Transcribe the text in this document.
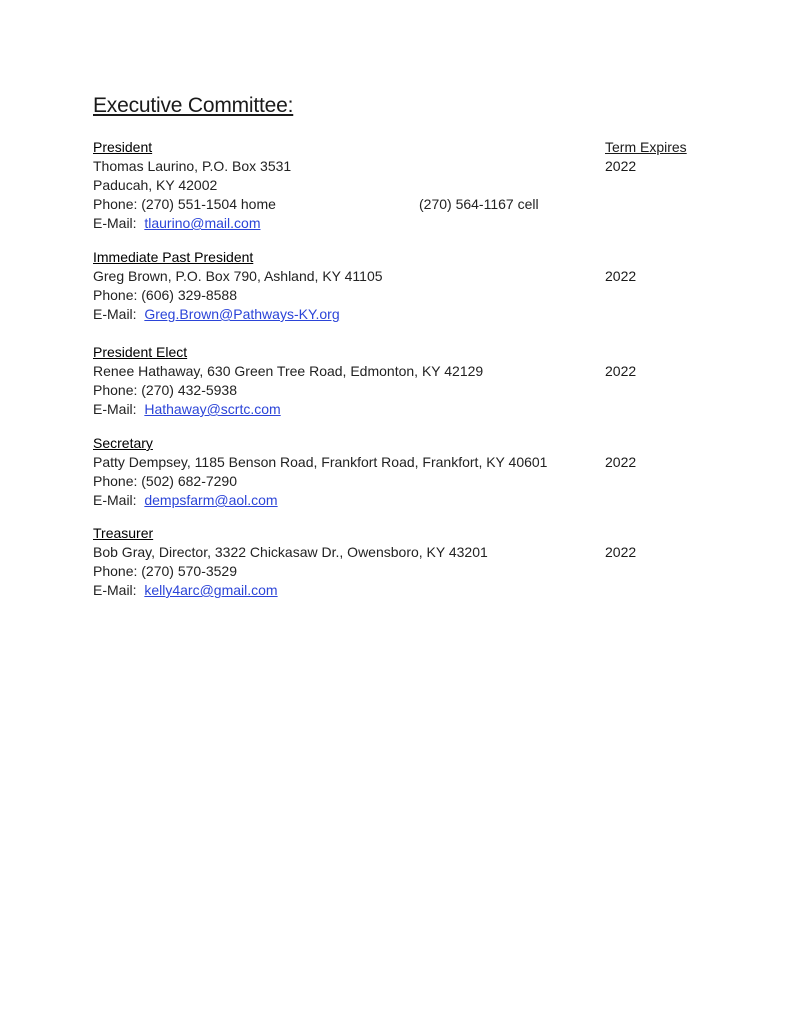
Executive Committee:
Term Expires
President
Thomas Laurino, P.O. Box 3531
Paducah, KY 42002
Phone: (270) 551-1504 home	(270) 564-1167 cell
E-Mail: tlaurino@mail.com
2022
Immediate Past President
Greg Brown, P.O. Box 790, Ashland, KY 41105
Phone: (606) 329-8588
E-Mail: Greg.Brown@Pathways-KY.org
2022
President Elect
Renee Hathaway, 630 Green Tree Road, Edmonton, KY 42129
Phone: (270) 432-5938
E-Mail: Hathaway@scrtc.com
2022
Secretary
Patty Dempsey, 1185 Benson Road, Frankfort Road, Frankfort, KY 40601
Phone: (502) 682-7290
E-Mail: dempsfarm@aol.com
2022
Treasurer
Bob Gray, Director, 3322 Chickasaw Dr., Owensboro, KY 43201
Phone: (270) 570-3529
E-Mail: kelly4arc@gmail.com
2022
